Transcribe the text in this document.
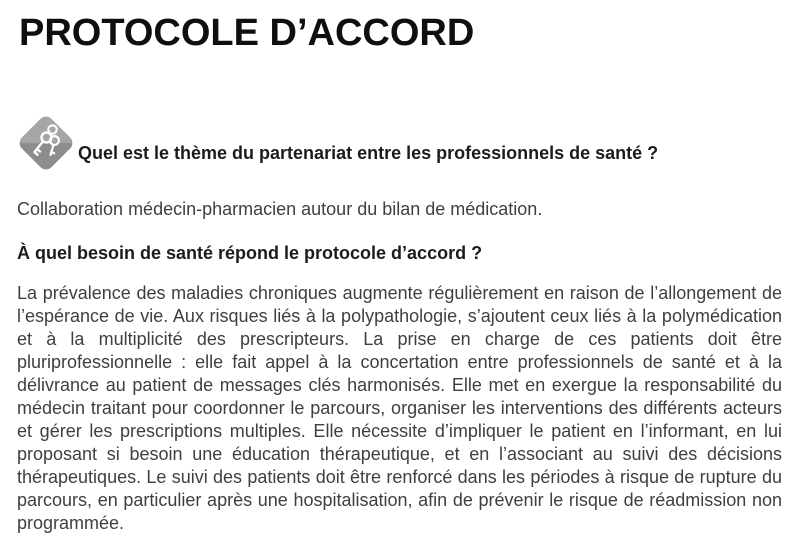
PROTOCOLE D’ACCORD
Quel est le thème du partenariat entre les professionnels de santé ?

Collaboration médecin-pharmacien autour du bilan de médication.

À quel besoin de santé répond le protocole d’accord ?

La prévalence des maladies chroniques augmente régulièrement en raison de l’allongement de l’espérance de vie. Aux risques liés à la polypathologie, s’ajoutent ceux liés à la polymédication et à la multiplicité des prescripteurs. La prise en charge de ces patients doit être pluriprofessionnelle : elle fait appel à la concertation entre professionnels de santé et à la délivrance au patient de messages clés harmonisés. Elle met en exergue la responsabilité du médecin traitant pour coordonner le parcours, organiser les interventions des différents acteurs et gérer les prescriptions multiples. Elle nécessite d’impliquer le patient en l’informant, en lui proposant si besoin une éducation thérapeutique, et en l’associant au suivi des décisions thérapeutiques. Le suivi des patients doit être renforcé dans les périodes à risque de rupture du parcours, en particulier après une hospitalisation, afin de prévenir le risque de réadmission non programmée.
